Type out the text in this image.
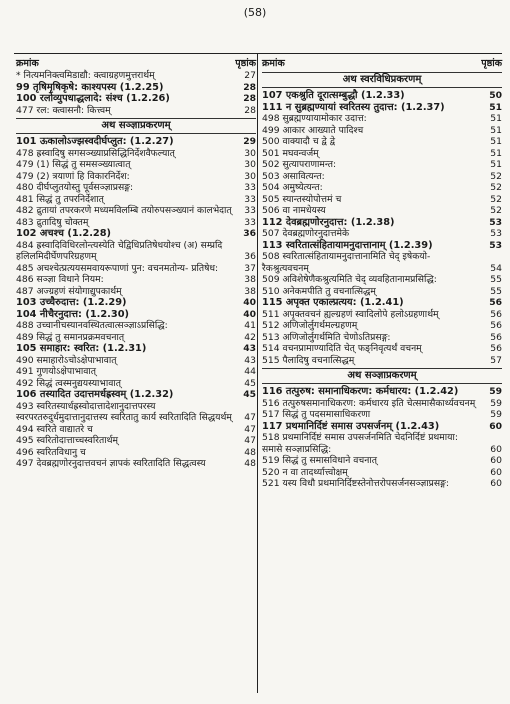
(58)
क्रमांक	पृष्ठांक
* नित्यमनिक्त्वमिडाद्यौ: क्त्वाग्रहणमुत्तरार्थम्	27
99 तृषिमृषिकृषे: काश्यपस्य (1.2.25)	28
100 रलोव्युपधाद्धलादे: संश्च (1.2.26)	28
477 रल: क्त्वासनौ: कित्त्वम्	28
अथ सञ्ज्ञाप्रकरणम्
101 ऊकालोऽज्झस्वदीर्घप्लुत: (1.2.27)	29
478 ह्रस्वादिषु सगसञ्ख्याप्रसिद्धिनिर्देशवैफल्यात्	30
479 (1) सिद्धं तु समसञ्ख्यात्वात्	30
479 (2) त्रयाणां हि विकारनिर्देश:	30
480 दीर्घप्लुतयोस्तु पूर्वसञ्ज्ञाप्रसङ्ग:	33
481 सिद्धं तु तपरनिर्देशात्	33
482 द्रुतायां तपरकरणे मध्यमविलम्बि तयोरुपसञ्ख्यानं कालभेदात् 33
483 द्रुतादिषु चोक्तम्	33
102 अचश्च (1.2.28)	36
484 ह्रस्वादिविधिरलोन्त्यस्येति चेद्विधिप्रतिषेधयोश्च (अ) सम्प्रदि हलिलमिदीर्घेणपरिग्रहणम्	36
485 अचश्चेत्प्रत्ययसमवायरूपाणां पुन: वचनमतोन्य- प्रतिषेध:	37
486 सञ्ज्ञा विधाने नियम:	38
487 अज्ग्रहणं संयोगाद्युपकार्थम्	38
103 उच्चैरुदात्त: (1.2.29)	40
104 नीचैरनुदात्त: (1.2.30)	40
488 उच्चानीचस्यानवस्थितत्वात्सञ्ज्ञाऽप्रसिद्धि:	41
489 सिद्धं तु समानप्रक्रमवचनात्	42
105 समाहार: स्वरित: (1.2.31)	43
490 समाहारोऽचोऽक्षेपाभावात्	43
491 गुणयोऽक्षेपाभावात्	44
492 सिद्धं त्वस्मनुद्ययस्याभावात्	45
106 तस्यादित उदात्तमर्धह्रस्वम् (1.2.32)	45
493 स्वरितस्यार्धह्रस्वोदात्तादेशानुदात्तपरस्य स्वरपरतरुदुर्धमुदात्तानुदात्तस्य स्वरितातु कार्य स्वरितादिति सिद्धयर्थम् 47
494 स्वरिते वाद्यातरे च	47
495 स्वरितोदात्ताच्चस्वरितार्थम्	47
496 स्वरितविधानु च	48
497 देवब्रह्मणोरनुदात्तवचनं ज्ञापकं स्वरितादिति सिद्धत्वस्य	48
क्रमांक	पृष्ठांक
अथ स्वरविधिप्रकरणम्
107 एकश्रुति दूरात्सम्बुद्धौ (1.2.33)	50
111 न सुब्रह्मण्यायां स्वरितस्य तुदात्त: (1.2.37)	51
498 सुब्रह्मण्यायामोकार उदात्त:	51
499 आकार आख्याते पादिश्च	51
500 वाक्यादौ च द्वे द्वे	51
501 मघवन्वर्जम्	51
502 सुत्यापराणामन्त:	51
503 असावित्यन्त:	52
504 अमुष्येत्यन्त:	52
505 स्यान्तस्योपोत्तमं च	52
506 वा नामधेयस्य	52
112 देवब्रह्मणोरनुदात्त: (1.2.38)	53
507 देवब्रह्मणोरनुदात्तमेके	53
113 स्वरितात्संहितायामनुदात्तानाम् (1.2.39)	53
508 स्वरितात्संहितायामनुदात्तानामिति चेद् इषेकयो- रैकश्रुत्यवचनम्	54
509 अविशेषेणैकश्रुत्यमिति चेद् व्यवहितानामप्रसिद्धि:	55
510 अनेकमपीति तु वचनात्सिद्धम्	55
115 अपृक्त एकाल्प्रत्यय: (1.2.41)	56
511 अपृक्तवचनं ह्यल्ग्रहणं स्वादिलोपे हलोऽग्रहणार्थम्	56
512 अणिजोर्लुगर्थमल्ग्रहणम्	56
513 अणिजोर्लुगर्थमिति चेणोऽतिप्रसङ्ग:	56
514 वचनप्रामाण्यादिति चेत् फङ्निवृत्यर्थं वचनम्	56
515 पैलादिषु वचनात्सिद्धम्	57
अथ सञ्ज्ञाप्रकरणम्
116 तत्पुरुष: समानाधिकरण: कर्मधारय: (1.2.42)	59
516 तत्पुरुषसमानाधिकरण: कर्मधारय इति चेत्समासैकार्थ्यवचनम्	59
517 सिद्धं तु पदसमासाधिकरणा	59
117 प्रथमानिर्दिष्टं समास उपसर्जनम् (1.2.43)	60
518 प्रथमानिर्दिष्टं समास उपसर्जनमिति चेदनिर्दिष्टं प्रथमाया: समासे सञ्ज्ञाप्रसिद्धि:	60
519 सिद्धं तु समासविधाने वचनात्	60
520 न वा तादर्थ्यात्त्वोक्षम्	60
521 यस्य विधौ प्रथमानिर्दिष्टस्तेनोत्तरोपसर्जनसञ्ज्ञाप्रसङ्ग:	60
